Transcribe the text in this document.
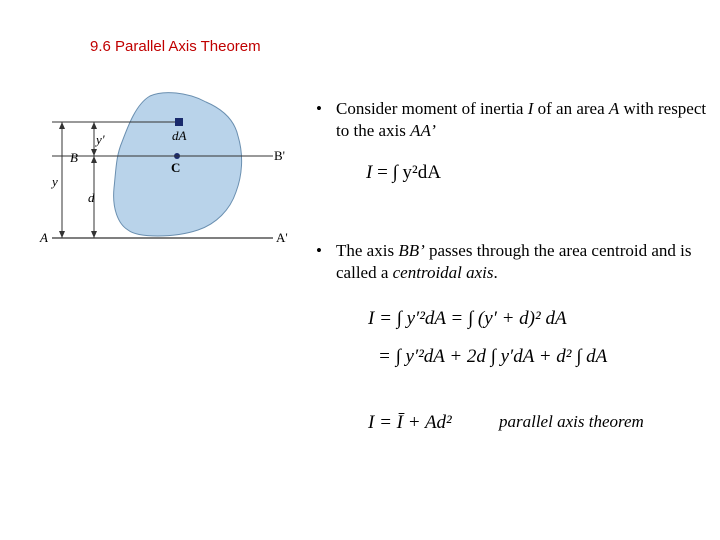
9.6 Parallel Axis Theorem
y'	dA
B	B'
C
y
d
A	A'
• Consider moment of inertia I of an area A with respect to the axis AA’
I = ∫ y²dA
• The axis BB’ passes through the area centroid and is called a centroidal axis.
I = ∫ y′²dA = ∫ (y′ + d)² dA
= ∫ y′²dA + 2d ∫ y′dA + d² ∫ dA
I = Ī + Ad²	parallel axis theorem
